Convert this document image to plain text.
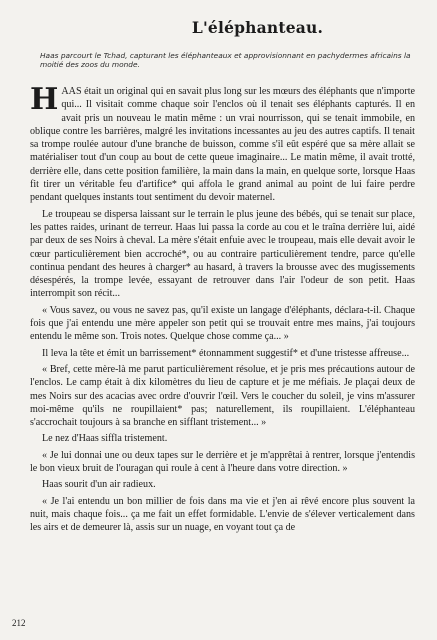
L'éléphanteau.
Haas parcourt le Tchad, capturant les éléphanteaux et approvisionnant en pachydermes africains la moitié des zoos du monde.

HAAS était un original qui en savait plus long sur les mœurs des éléphants que n'importe qui... Il visitait comme chaque soir l'enclos où il tenait ses éléphants capturés. Il en avait pris un nouveau le matin même : un vrai nourrisson, qui se tenait immobile, en oblique contre les barrières, malgré les invitations incessantes au jeu des autres captifs. Il tenait sa trompe roulée autour d'une branche de buisson, comme s'il eût espéré que sa mère allait se matérialiser tout d'un coup au bout de cette queue imaginaire... Le matin même, il avait trotté, derrière elle, dans cette position familière, la main dans la main, en quelque sorte, lorsque Haas fit tirer un véritable feu d'artifice* qui affola le grand animal au point de lui faire perdre pendant quelques instants tout sentiment du devoir maternel.

Le troupeau se dispersa laissant sur le terrain le plus jeune des bébés, qui se tenait sur place, les pattes raides, urinant de terreur. Haas lui passa la corde au cou et le traîna derrière lui, aidé par deux de ses Noirs à cheval. La mère s'était enfuie avec le troupeau, mais elle devait avoir le cœur particulièrement bien accroché*, ou au contraire particulièrement tendre, parce qu'elle continua pendant des heures à charger* au hasard, à travers la brousse avec des mugissements désespérés, la trompe levée, essayant de retrouver dans l'air l'odeur de son petit. Haas interrompit son récit...

« Vous savez, ou vous ne savez pas, qu'il existe un langage d'éléphants, déclara-t-il. Chaque fois que j'ai entendu une mère appeler son petit qui se trouvait entre mes mains, j'ai toujours entendu le même son. Trois notes. Quelque chose comme ça... »

Il leva la tête et émit un barrissement* étonnamment suggestif* et d'une tristesse affreuse...

« Bref, cette mère-là me parut particulièrement résolue, et je pris mes précautions autour de l'enclos. Le camp était à dix kilomètres du lieu de capture et je me méfiais. Je plaçai deux de mes Noirs sur des acacias avec ordre d'ouvrir l'œil. Vers le coucher du soleil, je vins m'assurer moi-même qu'ils ne roupillaient* pas; naturellement, ils roupillaient. L'éléphanteau s'accrochait toujours à sa branche en sifflant tristement... »

Le nez d'Haas siffla tristement.

« Je lui donnai une ou deux tapes sur le derrière et je m'apprêtai à rentrer, lorsque j'entendis le bon vieux bruit de l'ouragan qui roule à cent à l'heure dans votre direction. »

Haas sourit d'un air radieux.

« Je l'ai entendu un bon millier de fois dans ma vie et j'en ai rêvé encore plus souvent la nuit, mais chaque fois... ça me fait un effet formidable. L'envie de s'élever verticalement dans les airs et de demeurer là, assis sur un nuage, en voyant tout ça de

212
